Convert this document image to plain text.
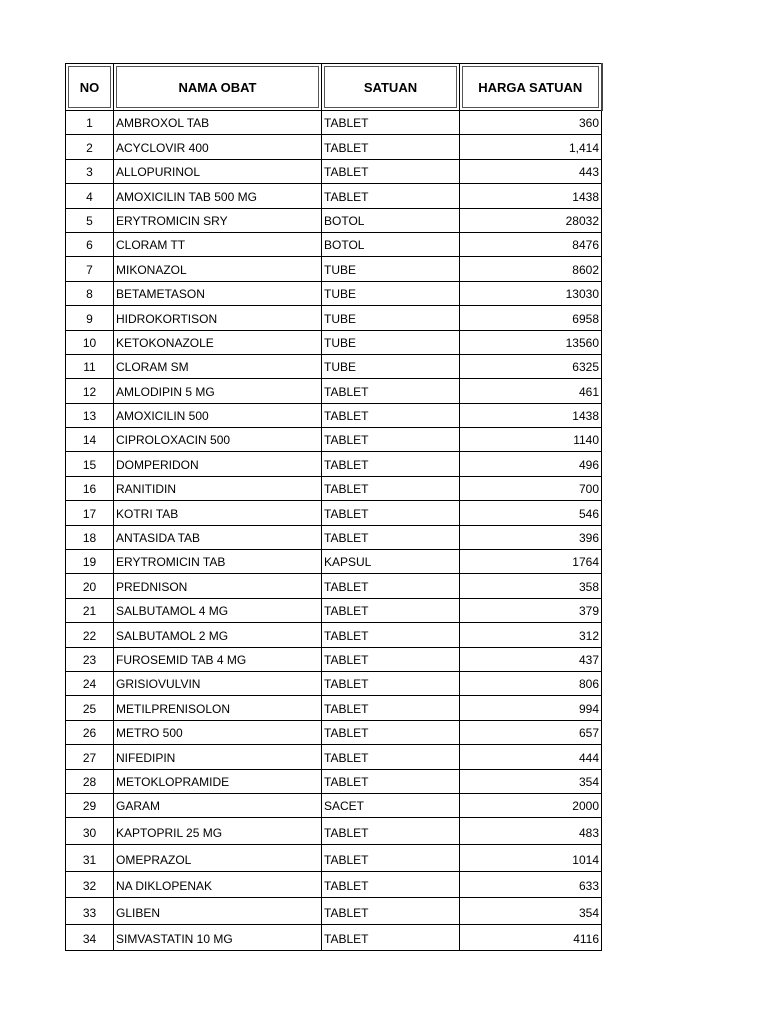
NO	NAMA OBAT	SATUAN	HARGA SATUAN

1	AMBROXOL TAB	TABLET	360
2	ACYCLOVIR 400	TABLET	1,414
3	ALLOPURINOL	TABLET	443
4	AMOXICILIN TAB 500 MG	TABLET	1438
5	ERYTROMICIN SRY	BOTOL	28032
6	CLORAM TT	BOTOL	8476
7	MIKONAZOL	TUBE	8602
8	BETAMETASON	TUBE	13030
9	HIDROKORTISON	TUBE	6958
10	KETOKONAZOLE	TUBE	13560
11	CLORAM SM	TUBE	6325
12	AMLODIPIN 5 MG	TABLET	461
13	AMOXICILIN 500	TABLET	1438
14	CIPROLOXACIN 500	TABLET	1140
15	DOMPERIDON	TABLET	496
16	RANITIDIN	TABLET	700
17	KOTRI TAB	TABLET	546
18	ANTASIDA TAB	TABLET	396
19	ERYTROMICIN TAB	KAPSUL	1764
20	PREDNISON	TABLET	358
21	SALBUTAMOL 4 MG	TABLET	379
22	SALBUTAMOL 2 MG	TABLET	312
23	FUROSEMID TAB 4 MG	TABLET	437
24	GRISIOVULVIN	TABLET	806
25	METILPRENISOLON	TABLET	994
26	METRO 500	TABLET	657
27	NIFEDIPIN	TABLET	444
28	METOKLOPRAMIDE	TABLET	354
29	GARAM	SACET	2000
30	KAPTOPRIL 25 MG	TABLET	483
31	OMEPRAZOL	TABLET	1014
32	NA DIKLOPENAK	TABLET	633
33	GLIBEN	TABLET	354
34	SIMVASTATIN 10 MG	TABLET	4116
